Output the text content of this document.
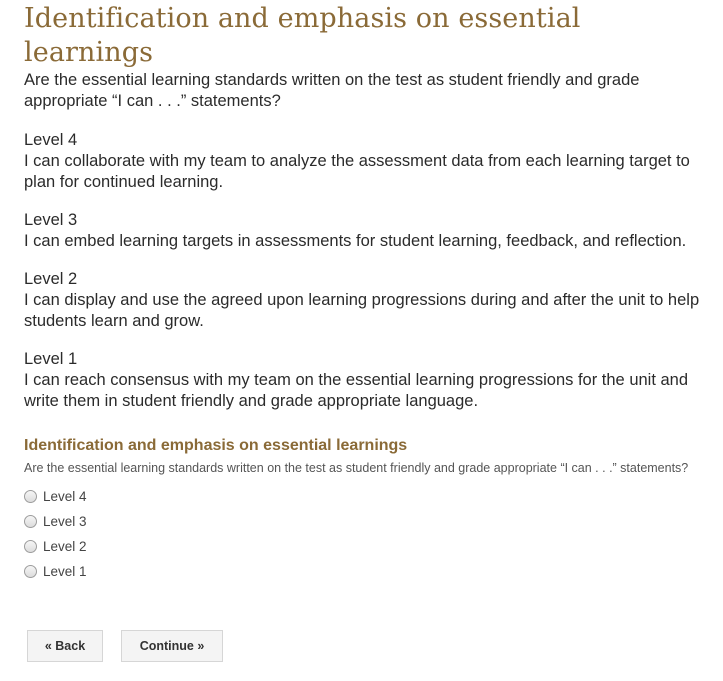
Identification and emphasis on essential learnings
Are the essential learning standards written on the test as student friendly and grade appropriate “I can . . .” statements?
Level 4
I can collaborate with my team to analyze the assessment data from each learning target to plan for continued learning.
Level 3
I can embed learning targets in assessments for student learning, feedback, and reflection.
Level 2
I can display and use the agreed upon learning progressions during and after the unit to help students learn and grow.
Level 1
I can reach consensus with my team on the essential learning progressions for the unit and write them in student friendly and grade appropriate language.
Identification and emphasis on essential learnings
Are the essential learning standards written on the test as student friendly and grade appropriate “I can . . .” statements?
Level 4
Level 3
Level 2
Level 1
« Back	Continue »
